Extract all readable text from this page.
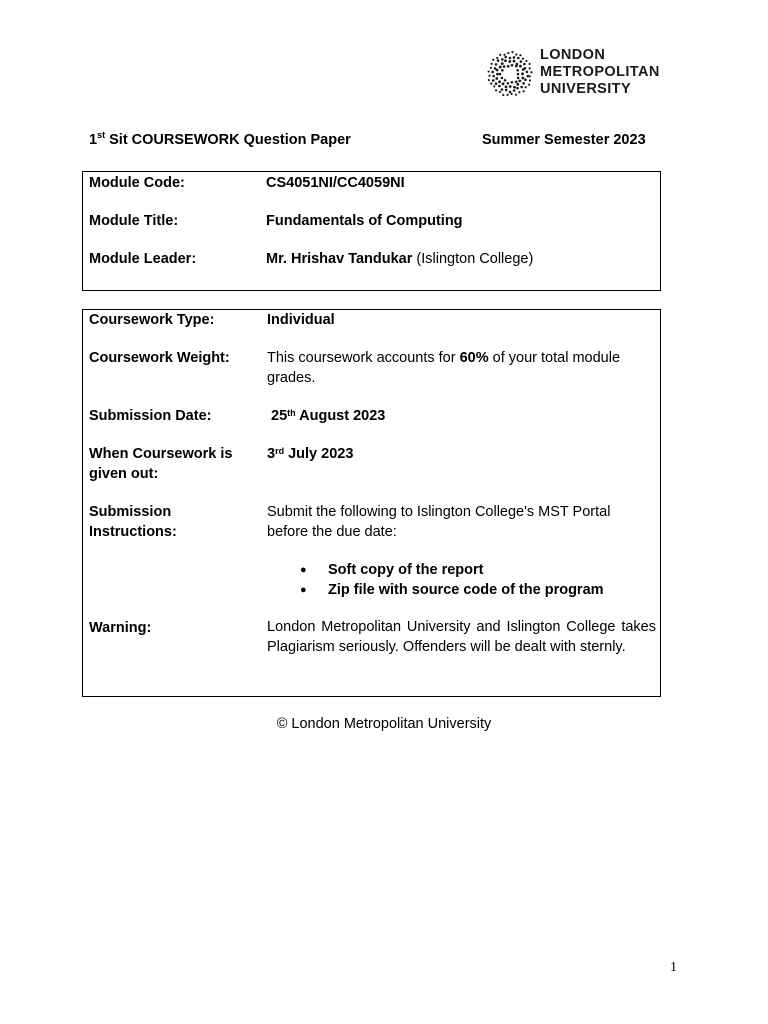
LONDON
METROPOLITAN
UNIVERSITY
1st Sit COURSEWORK Question Paper	Summer Semester 2023
Module Code:	CS4051NI/CC4059NI
Module Title:	Fundamentals of Computing
Module Leader:	Mr. Hrishav Tandukar (Islington College)
Coursework Type:	Individual
Coursework Weight:	This coursework accounts for 60% of your total module grades.
Submission Date:	25th August 2023
When Coursework is given out:
3rd July 2023
Submission Instructions:
Submit the following to Islington College's MST Portal before the due date:
● Soft copy of the report
● Zip file with source code of the program
Warning:	London Metropolitan University and Islington College takes Plagiarism seriously. Offenders will be dealt with sternly.
© London Metropolitan University
1
